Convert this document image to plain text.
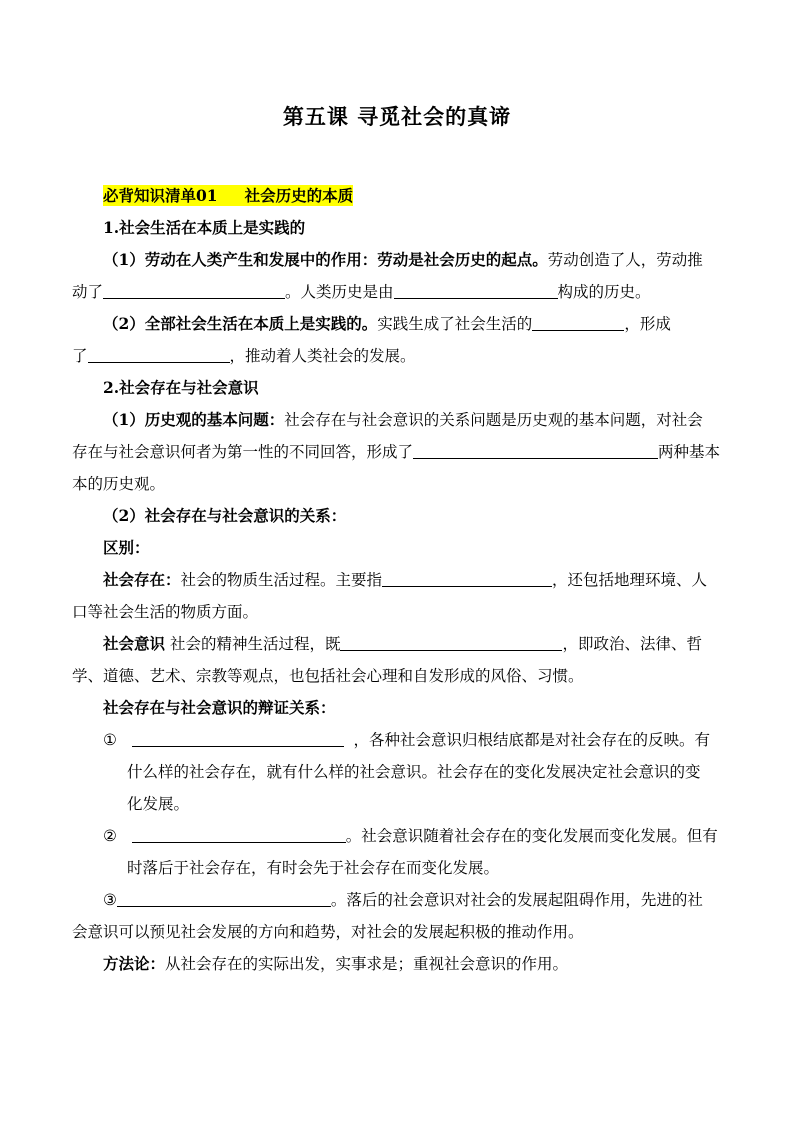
第五课 寻觅社会的真谛
必背知识清单01 社会历史的本质
1.社会生活在本质上是实践的
（1）劳动在人类产生和发展中的作用：劳动是社会历史的起点。劳动创造了人，劳动推
动了	。人类历史是由	构成的历史。
（2）全部社会生活在本质上是实践的。实践生成了社会生活的	，形成
了	，推动着人类社会的发展。
2.社会存在与社会意识
（1）历史观的基本问题：社会存在与社会意识的关系问题是历史观的基本问题，对社会
存在与社会意识何者为第一性的不同回答，形成了	两种基本
本的历史观。
（2）社会存在与社会意识的关系：
区别：
社会存在：社会的物质生活过程。主要指	，还包括地理环境、人
口等社会生活的物质方面。
社会意识 社会的精神生活过程，既	，即政治、法律、哲
学、道德、艺术、宗教等观点，也包括社会心理和自发形成的风俗、习惯。
社会存在与社会意识的辩证关系：
①	，各种社会意识归根结底都是对社会存在的反映。有
什么样的社会存在，就有什么样的社会意识。社会存在的变化发展决定社会意识的变
化发展。
②	。社会意识随着社会存在的变化发展而变化发展。但有
时落后于社会存在，有时会先于社会存在而变化发展。
③	。落后的社会意识对社会的发展起阻碍作用，先进的社
会意识可以预见社会发展的方向和趋势，对社会的发展起积极的推动作用。
方法论：从社会存在的实际出发，实事求是；重视社会意识的作用。
